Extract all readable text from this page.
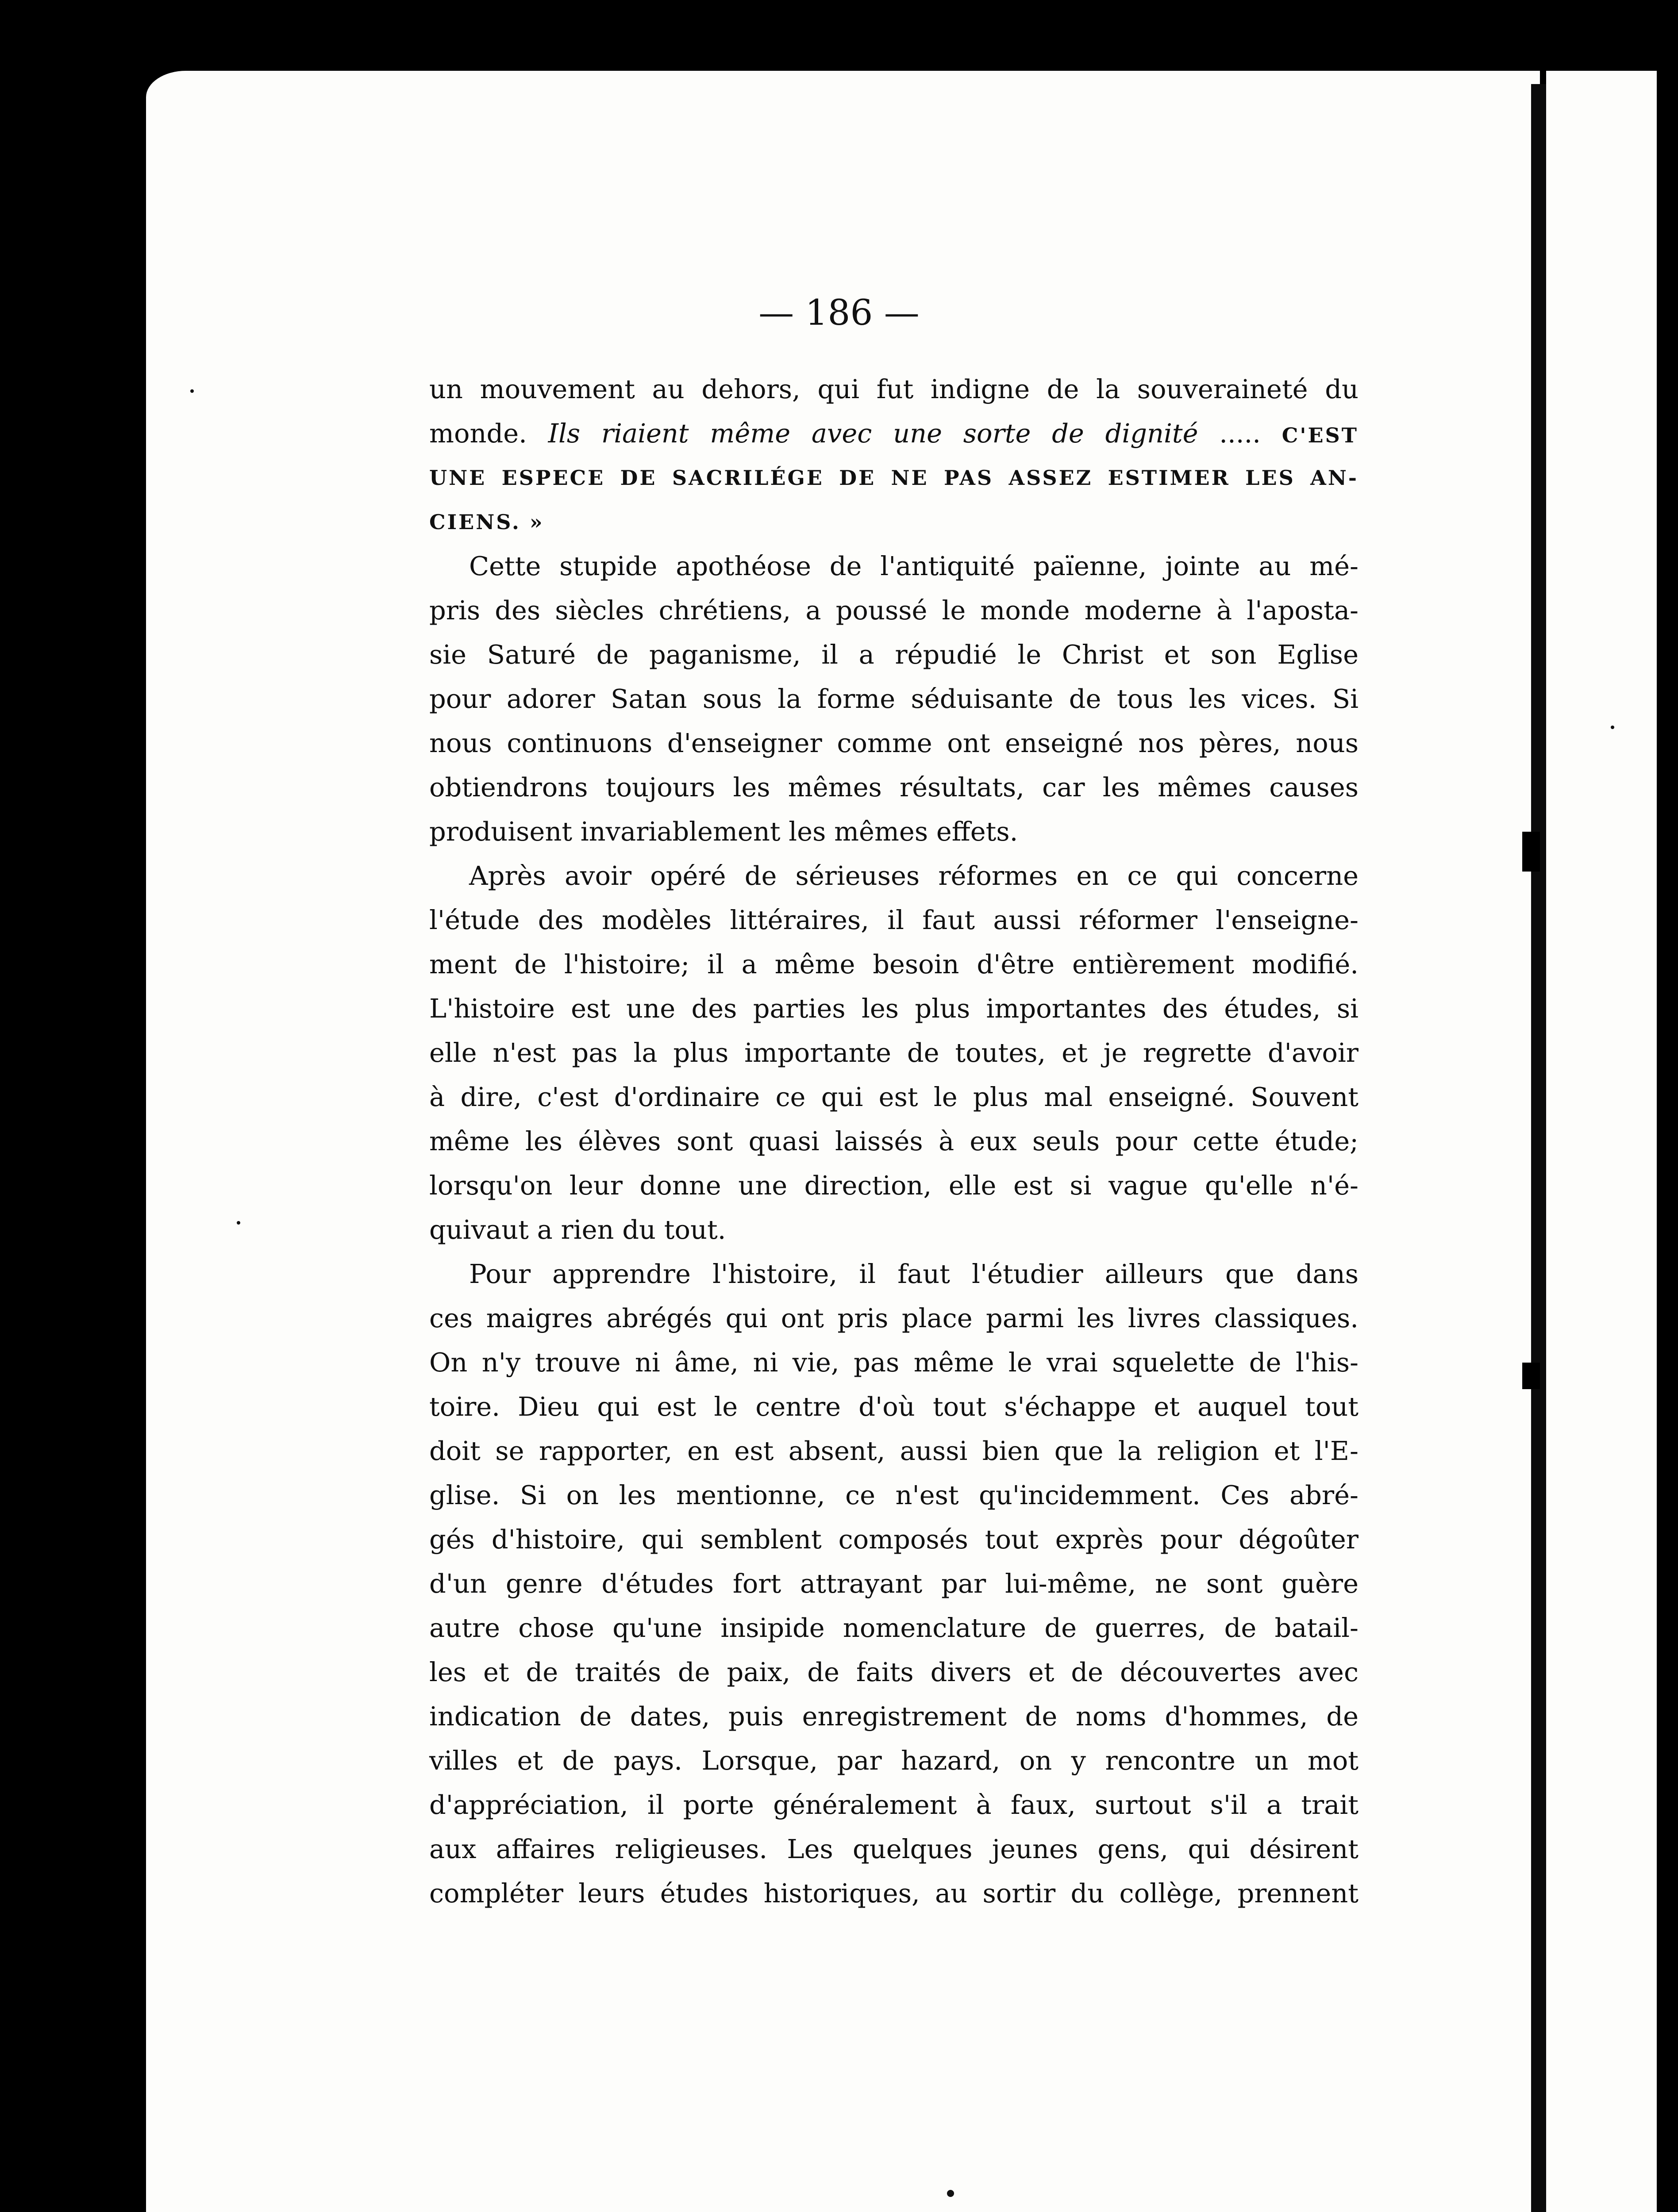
— 186 —
un mouvement au dehors, qui fut indigne de la souveraineté du
monde. Ils riaient même avec une sorte de dignité ..... C'EST
UNE ESPECE DE SACRILÉGE DE NE PAS ASSEZ ESTIMER LES AN-
CIENS. »
Cette stupide apothéose de l'antiquité païenne, jointe au mé-
pris des siècles chrétiens, a poussé le monde moderne à l'aposta-
sie Saturé de paganisme, il a répudié le Christ et son Eglise
pour adorer Satan sous la forme séduisante de tous les vices. Si
nous continuons d'enseigner comme ont enseigné nos pères, nous
obtiendrons toujours les mêmes résultats, car les mêmes causes
produisent invariablement les mêmes effets.
Après avoir opéré de sérieuses réformes en ce qui concerne
l'étude des modèles littéraires, il faut aussi réformer l'enseigne-
ment de l'histoire; il a même besoin d'être entièrement modifié.
L'histoire est une des parties les plus importantes des études, si
elle n'est pas la plus importante de toutes, et je regrette d'avoir
à dire, c'est d'ordinaire ce qui est le plus mal enseigné. Souvent
même les élèves sont quasi laissés à eux seuls pour cette étude;
lorsqu'on leur donne une direction, elle est si vague qu'elle n'é-
quivaut a rien du tout.
Pour apprendre l'histoire, il faut l'étudier ailleurs que dans
ces maigres abrégés qui ont pris place parmi les livres classiques.
On n'y trouve ni âme, ni vie, pas même le vrai squelette de l'his-
toire. Dieu qui est le centre d'où tout s'échappe et auquel tout
doit se rapporter, en est absent, aussi bien que la religion et l'E-
glise. Si on les mentionne, ce n'est qu'incidemment. Ces abré-
gés d'histoire, qui semblent composés tout exprès pour dégoûter
d'un genre d'études fort attrayant par lui-même, ne sont guère
autre chose qu'une insipide nomenclature de guerres, de batail-
les et de traités de paix, de faits divers et de découvertes avec
indication de dates, puis enregistrement de noms d'hommes, de
villes et de pays. Lorsque, par hazard, on y rencontre un mot
d'appréciation, il porte généralement à faux, surtout s'il a trait
aux affaires religieuses. Les quelques jeunes gens, qui désirent
compléter leurs études historiques, au sortir du collège, prennent
